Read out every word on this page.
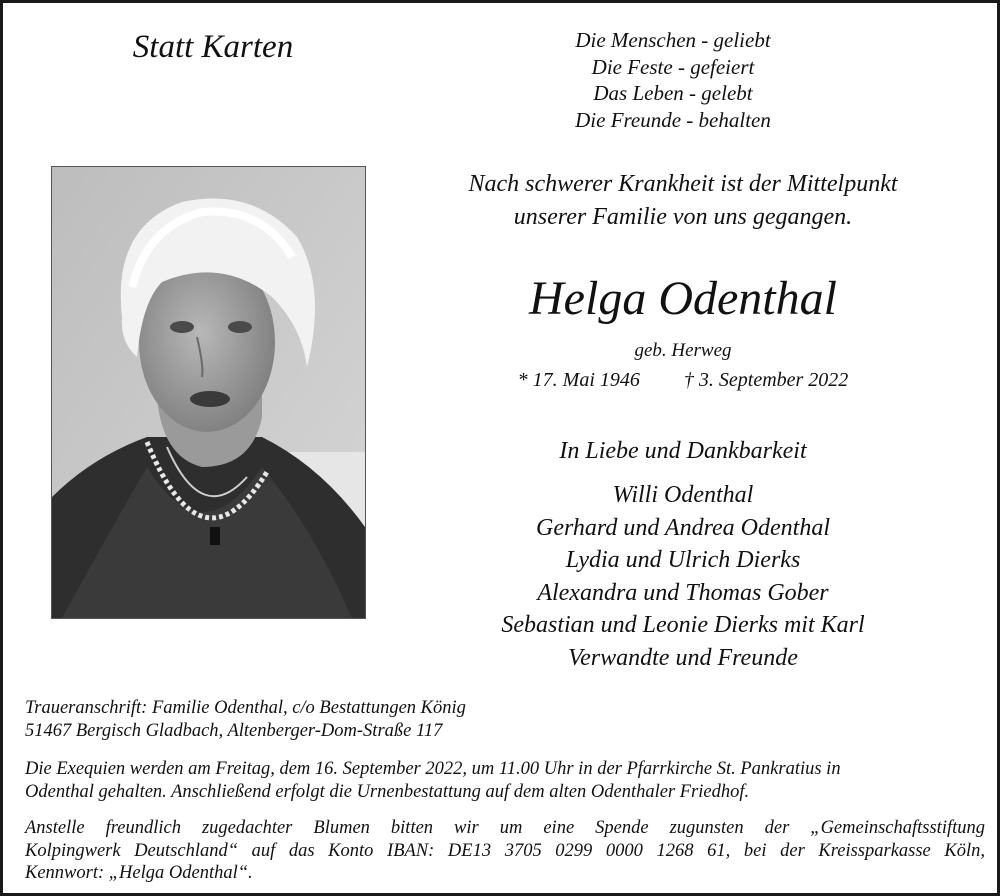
Statt Karten	Die Menschen - geliebt
Die Feste - gefeiert
Das Leben - gelebt
Die Freunde - behalten
Nach schwerer Krankheit ist der Mittelpunkt
unserer Familie von uns gegangen.
Helga Odenthal
geb. Herweg
* 17. Mai 1946 † 3. September 2022
In Liebe und Dankbarkeit
Willi Odenthal
Gerhard und Andrea Odenthal
Lydia und Ulrich Dierks
Alexandra und Thomas Gober
Sebastian und Leonie Dierks mit Karl
Verwandte und Freunde
Traueranschrift: Familie Odenthal, c/o Bestattungen König
51467 Bergisch Gladbach, Altenberger-Dom-Straße 117
Die Exequien werden am Freitag, dem 16. September 2022, um 11.00 Uhr in der Pfarrkirche St. Pankratius in
Odenthal gehalten. Anschließend erfolgt die Urnenbestattung auf dem alten Odenthaler Friedhof.
Anstelle freundlich zugedachter Blumen bitten wir um eine Spende zugunsten der „Gemeinschaftsstiftung
Kolpingwerk Deutschland“ auf das Konto IBAN: DE13 3705 0299 0000 1268 61, bei der Kreissparkasse Köln,
Kennwort: „Helga Odenthal“.
